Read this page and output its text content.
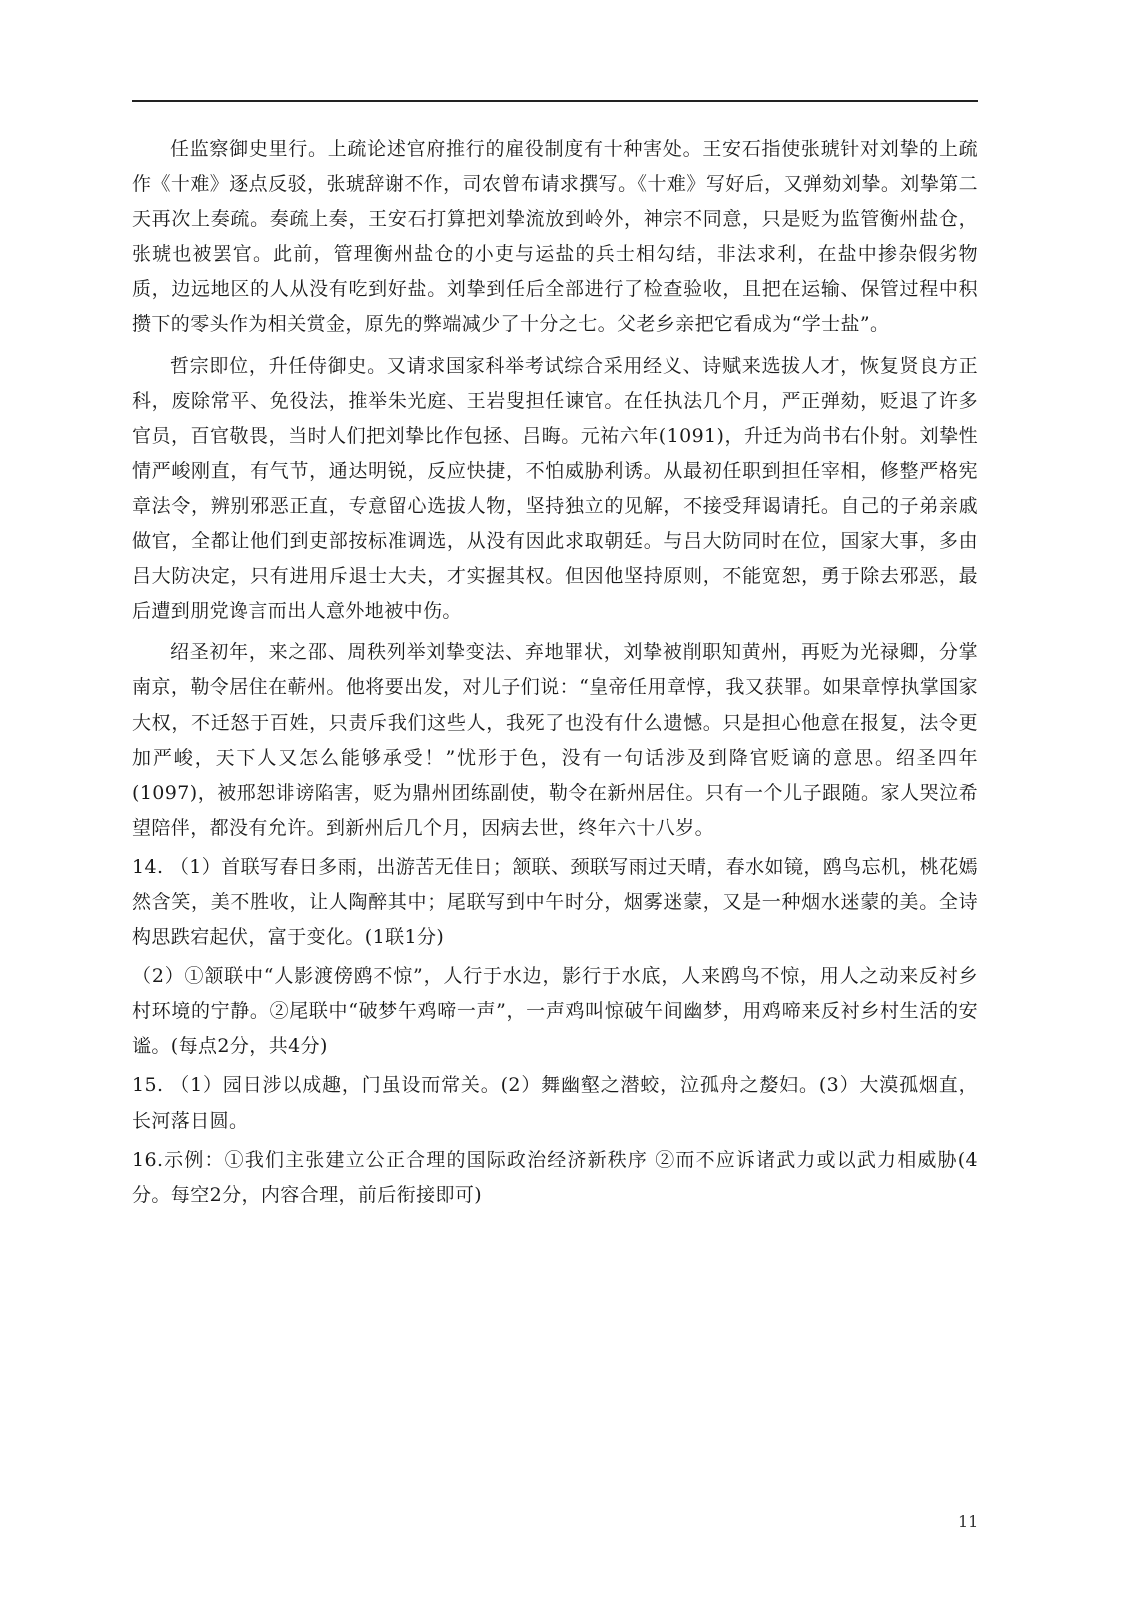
任监察御史里行。上疏论述官府推行的雇役制度有十种害处。王安石指使张琥针对刘挚的上疏作《十难》逐点反驳，张琥辞谢不作，司农曾布请求撰写。《十难》写好后，又弹劾刘挚。刘挚第二天再次上奏疏。奏疏上奏，王安石打算把刘挚流放到岭外，神宗不同意，只是贬为监管衡州盐仓，张琥也被罢官。此前，管理衡州盐仓的小吏与运盐的兵士相勾结，非法求利，在盐中掺杂假劣物质，边远地区的人从没有吃到好盐。刘挚到任后全部进行了检查验收，且把在运输、保管过程中积攒下的零头作为相关赏金，原先的弊端减少了十分之七。父老乡亲把它看成为“学士盐”。

哲宗即位，升任侍御史。又请求国家科举考试综合采用经义、诗赋来选拔人才，恢复贤良方正科，废除常平、免役法，推举朱光庭、王岩叟担任谏官。在任执法几个月，严正弹劾，贬退了许多官员，百官敬畏，当时人们把刘挚比作包拯、吕晦。元祐六年(1091)，升迁为尚书右仆射。刘挚性情严峻刚直，有气节，通达明锐，反应快捷，不怕威胁利诱。从最初任职到担任宰相，修整严格宪章法令，辨别邪恶正直，专意留心选拔人物，坚持独立的见解，不接受拜谒请托。自己的子弟亲戚做官，全都让他们到吏部按标准调选，从没有因此求取朝廷。与吕大防同时在位，国家大事，多由吕大防决定，只有进用斥退士大夫，才实握其权。但因他坚持原则，不能宽恕，勇于除去邪恶，最后遭到朋党谗言而出人意外地被中伤。

绍圣初年，来之邵、周秩列举刘挚变法、弃地罪状，刘挚被削职知黄州，再贬为光禄卿，分掌南京，勒令居住在蕲州。他将要出发，对儿子们说：“皇帝任用章惇，我又获罪。如果章惇执掌国家大权，不迁怒于百姓，只责斥我们这些人，我死了也没有什么遗憾。只是担心他意在报复，法令更加严峻，天下人又怎么能够承受！”忧形于色，没有一句话涉及到降官贬谪的意思。绍圣四年(1097)，被邢恕诽谤陷害，贬为鼎州团练副使，勒令在新州居住。只有一个儿子跟随。家人哭泣希望陪伴，都没有允许。到新州后几个月，因病去世，终年六十八岁。

14. （1）首联写春日多雨，出游苦无佳日；颔联、颈联写雨过天晴，春水如镜，鸥鸟忘机，桃花嫣然含笑，美不胜收，让人陶醉其中；尾联写到中午时分，烟雾迷蒙，又是一种烟水迷蒙的美。全诗构思跌宕起伏，富于变化。(1联1分)

（2）①颔联中“人影渡傍鸥不惊”，人行于水边，影行于水底，人来鸥鸟不惊，用人之动来反衬乡村环境的宁静。②尾联中“破梦午鸡啼一声”，一声鸡叫惊破午间幽梦，用鸡啼来反衬乡村生活的安谧。(每点2分，共4分)

15. （1）园日涉以成趣，门虽设而常关。(2）舞幽壑之潜蛟，泣孤舟之嫠妇。(3）大漠孤烟直，长河落日圆。

16.示例：①我们主张建立公正合理的国际政治经济新秩序 ②而不应诉诸武力或以武力相威胁(4分。每空2分，内容合理，前后衔接即可)

11
